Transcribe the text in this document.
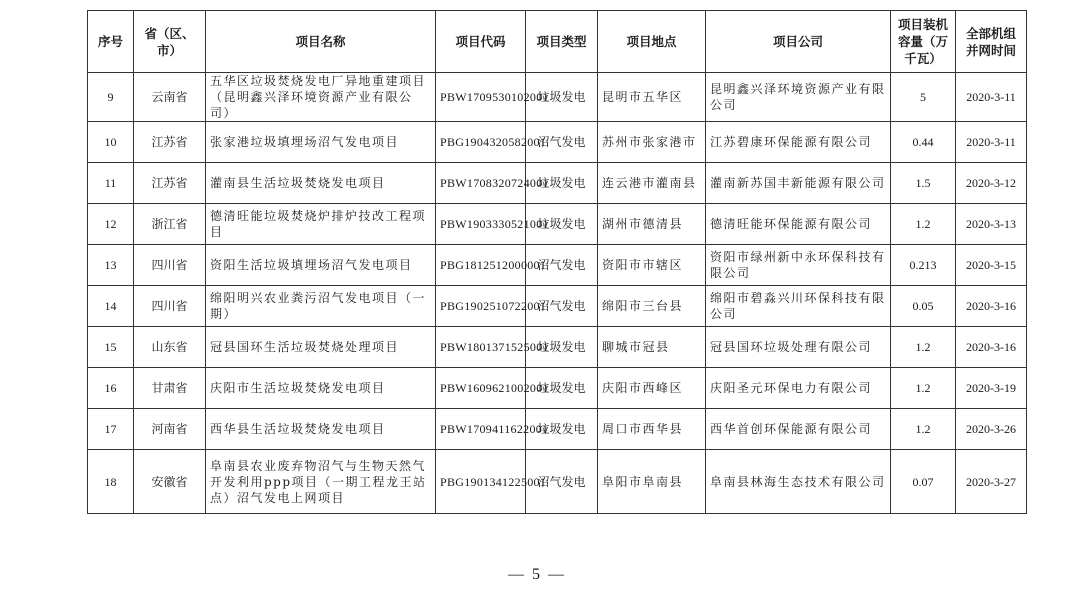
序号	省（区、市）	项目名称	项目代码	项目类型	项目地点	项目公司	项目装机容量（万千瓦）	全部机组并网时间
9	云南省	五华区垃圾焚烧发电厂异地重建项目（昆明鑫兴泽环境资源产业有限公司）	PBW1709530102001	垃圾发电	昆明市五华区	昆明鑫兴泽环境资源产业有限公司	5	2020-3-11
10	江苏省	张家港垃圾填埋场沼气发电项目	PBG1904320582001	沼气发电	苏州市张家港市	江苏碧康环保能源有限公司	0.44	2020-3-11
11	江苏省	灌南县生活垃圾焚烧发电项目	PBW1708320724001	垃圾发电	连云港市灌南县	灌南新苏国丰新能源有限公司	1.5	2020-3-12
12	浙江省	德清旺能垃圾焚烧炉排炉技改工程项目	PBW1903330521001	垃圾发电	湖州市德清县	德清旺能环保能源有限公司	1.2	2020-3-13
13	四川省	资阳生活垃圾填埋场沼气发电项目	PBG1812512000001	沼气发电	资阳市市辖区	资阳市绿州新中永环保科技有限公司	0.213	2020-3-15
14	四川省	绵阳明兴农业粪污沼气发电项目（一期）	PBG1902510722001	沼气发电	绵阳市三台县	绵阳市碧淼兴川环保科技有限公司	0.05	2020-3-16
15	山东省	冠县国环生活垃圾焚烧处理项目	PBW1801371525001	垃圾发电	聊城市冠县	冠县国环垃圾处理有限公司	1.2	2020-3-16
16	甘肃省	庆阳市生活垃圾焚烧发电项目	PBW1609621002001	垃圾发电	庆阳市西峰区	庆阳圣元环保电力有限公司	1.2	2020-3-19
17	河南省	西华县生活垃圾焚烧发电项目	PBW1709411622001	垃圾发电	周口市西华县	西华首创环保能源有限公司	1.2	2020-3-26
18	安徽省	阜南县农业废弃物沼气与生物天然气开发利用ppp项目（一期工程龙王站点）沼气发电上网项目	PBG1901341225001	沼气发电	阜阳市阜南县	阜南县林海生态技术有限公司	0.07	2020-3-27
— 5 —
